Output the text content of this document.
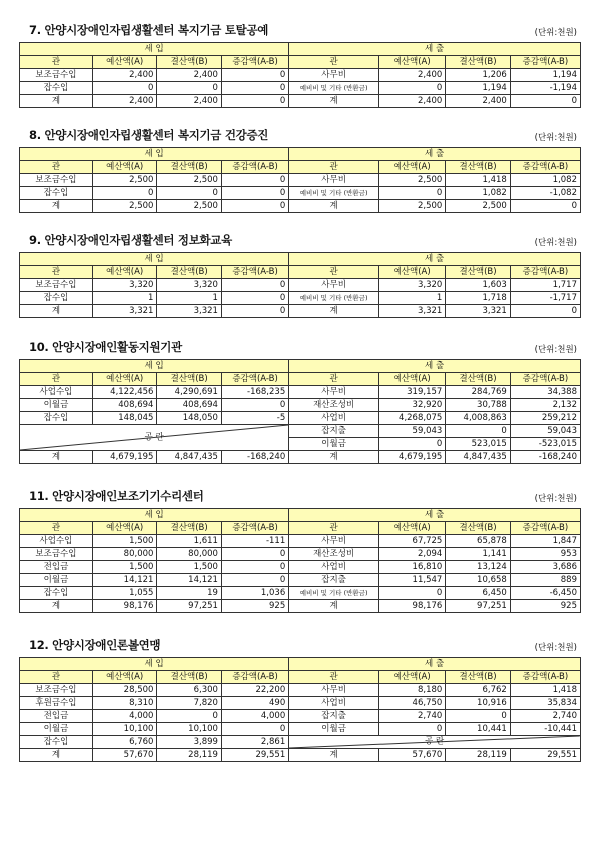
7. 안양시장애인자립생활센터 복지기금 토탈공예	(단위:천원)
세 입				세 출			
관	예산액(A)	결산액(B)	증감액(A-B)	관	예산액(A)	결산액(B)	증감액(A-B)
보조금수입	2,400	2,400	0	사무비	2,400	1,206	1,194
잡수입	0	0	0	예비비 및 기타 (반환금)	0	1,194	-1,194
계	2,400	2,400	0	계	2,400	2,400	0
8. 안양시장애인자립생활센터 복지기금 건강증진	(단위:천원)
세 입				세 출			
관	예산액(A)	결산액(B)	증감액(A-B)	관	예산액(A)	결산액(B)	증감액(A-B)
보조금수입	2,500	2,500	0	사무비	2,500	1,418	1,082
잡수입	0	0	0	예비비 및 기타 (반환금)	0	1,082	-1,082
계	2,500	2,500	0	계	2,500	2,500	0
9. 안양시장애인자립생활센터 정보화교육	(단위:천원)
세 입				세 출			
관	예산액(A)	결산액(B)	증감액(A-B)	관	예산액(A)	결산액(B)	증감액(A-B)
보조금수입	3,320	3,320	0	사무비	3,320	1,603	1,717
잡수입	1	1	0	예비비 및 기타 (반환금)	1	1,718	-1,717
계	3,321	3,321	0	계	3,321	3,321	0
10. 안양시장애인활동지원기관	(단위:천원)
세 입				세 출			
관	예산액(A)	결산액(B)	증감액(A-B)	관	예산액(A)	결산액(B)	증감액(A-B)
사업수입	4,122,456	4,290,691	-168,235	사무비	319,157	284,769	34,388
이월금	408,694	408,694	0	재산조성비	32,920	30,788	2,132
잡수입	148,045	148,050	-5	사업비	4,268,075	4,008,863	259,212

공 란				잡지출	59,043	0	59,043
				이월금	0	523,015	-523,015
계	4,679,195	4,847,435	-168,240	계	4,679,195	4,847,435	-168,240
11. 안양시장애인보조기기수리센터	(단위:천원)
세 입				세 출			
관	예산액(A)	결산액(B)	증감액(A-B)	관	예산액(A)	결산액(B)	증감액(A-B)
사업수입	1,500	1,611	-111	사무비	67,725	65,878	1,847
보조금수입	80,000	80,000	0	재산조성비	2,094	1,141	953
전입금	1,500	1,500	0	사업비	16,810	13,124	3,686
이월금	14,121	14,121	0	잡지출	11,547	10,658	889
잡수입	1,055	19	1,036	예비비 및 기타 (반환금)	0	6,450	-6,450
계	98,176	97,251	925	계	98,176	97,251	925
12. 안양시장애인론볼연맹	(단위:천원)
세 입				세 출			
관	예산액(A)	결산액(B)	증감액(A-B)	관	예산액(A)	결산액(B)	증감액(A-B)
보조금수입	28,500	6,300	22,200	사무비	8,180	6,762	1,418
후원금수입	8,310	7,820	490	사업비	46,750	10,916	35,834
전입금	4,000	0	4,000	잡지출	2,740	0	2,740
이월금	10,100	10,100	0	이월금	0	10,441	-10,441
잡수입	6,760	3,899	2,861	공 란			

계	57,670	28,119	29,551	계	57,670	28,119	29,551
